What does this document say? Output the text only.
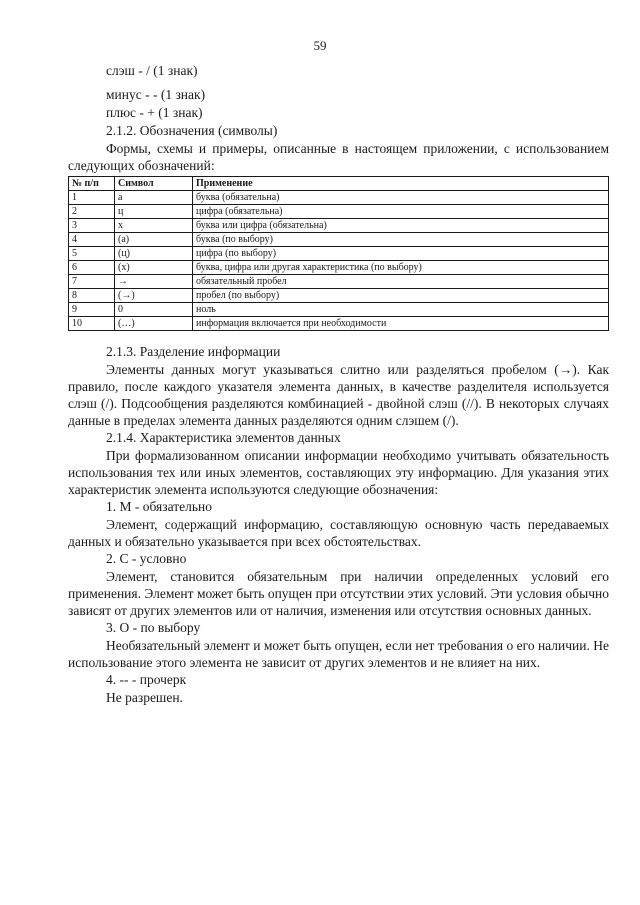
59
слэш - / (1 знак)
минус - ‐ (1 знак)
плюс - + (1 знак)
2.1.2. Обозначения (символы)
Формы, схемы и примеры, описанные в настоящем приложении, с использованием следующих обозначений:
№ п/п	Символ	Применение
1	а	буква (обязательна)
2	ц	цифра (обязательна)
3	х	буква или цифра (обязательна)
4	(а)	буква (по выбору)
5	(ц)	цифра (по выбору)
6	(х)	буква, цифра или другая характеристика (по выбору)
7	→	обязательный пробел
8	(→)	пробел (по выбору)
9	0	ноль
10	(…)	информация включается при необходимости
2.1.3. Разделение информации
Элементы данных могут указываться слитно или разделяться пробелом (→). Как правило, после каждого указателя элемента данных, в качестве разделителя используется слэш (/). Подсообщения разделяются комбинацией - двойной слэш (//). В некоторых случаях данные в пределах элемента данных разделяются одним слэшем (/).
2.1.4. Характеристика элементов данных
При формализованном описании информации необходимо учитывать обязательность использования тех или иных элементов, составляющих эту информацию. Для указания этих характеристик элемента используются следующие обозначения:
1. М - обязательно
Элемент, содержащий информацию, составляющую основную часть передаваемых данных и обязательно указывается при всех обстоятельствах.
2. С - условно
Элемент, становится обязательным при наличии определенных условий его применения. Элемент может быть опущен при отсутствии этих условий. Эти условия обычно зависят от других элементов или от наличия, изменения или отсутствия основных данных.
3. О - по выбору
Необязательный элемент и может быть опущен, если нет требования о его наличии. Не использование этого элемента не зависит от других элементов и не влияет на них.
4. -- - прочерк
Не разрешен.
